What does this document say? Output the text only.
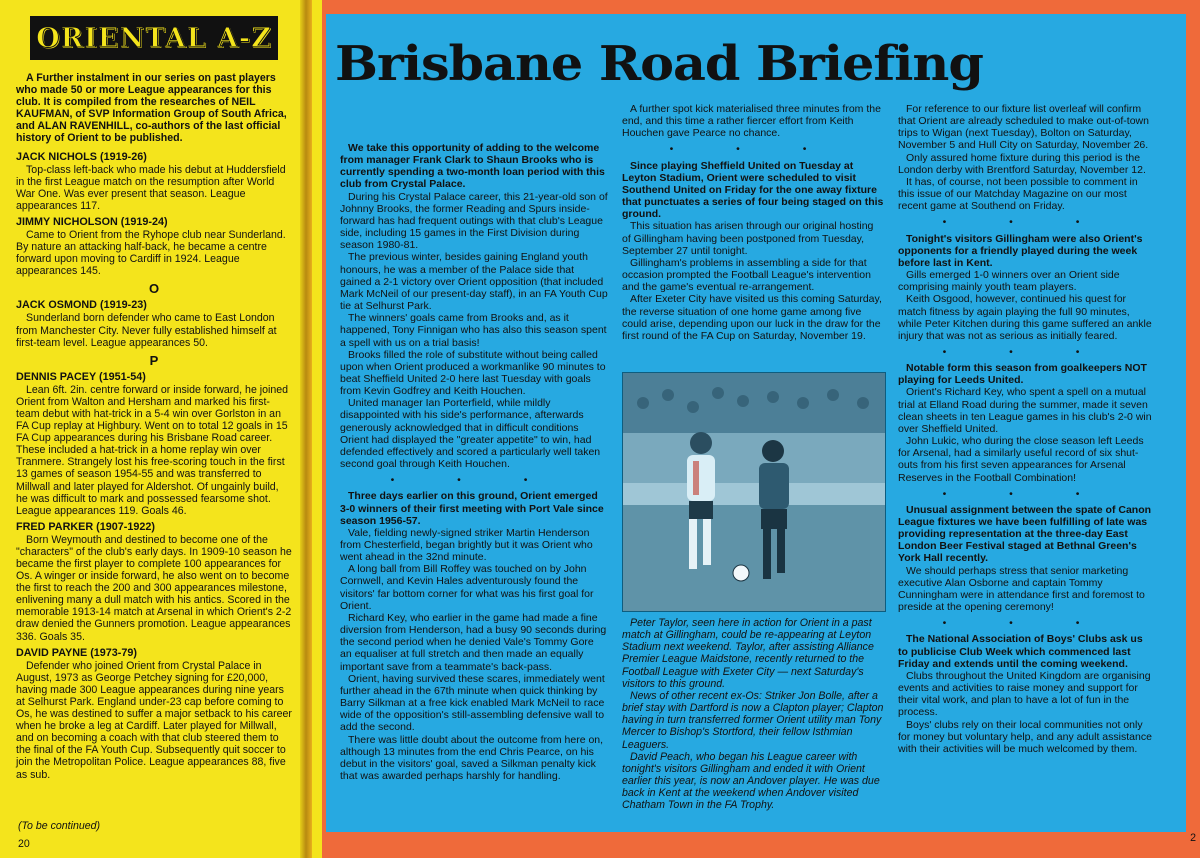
ORIENTAL A-Z

A Further instalment in our series on past players who made 50 or more League appearances for this club. It is compiled from the researches of NEIL KAUFMAN, of SVP Information Group of South Africa, and ALAN RAVENHILL, co-authors of the last official history of Orient to be published.

JACK NICHOLS (1919-26)

Top-class left-back who made his debut at Huddersfield in the first League match on the resumption after World War One. Was ever present that season. League appearances 117.

JIMMY NICHOLSON (1919-24)

Came to Orient from the Ryhope club near Sunderland. By nature an attacking half-back, he became a centre forward upon moving to Cardiff in 1924. League appearances 145.

O
JACK OSMOND (1919-23)

Sunderland born defender who came to East London from Manchester City. Never fully established himself at first-team level. League appearances 50.

P
DENNIS PACEY (1951-54)

Lean 6ft. 2in. centre forward or inside forward, he joined Orient from Walton and Hersham and marked his first-team debut with hat-trick in a 5-4 win over Gorlston in an FA Cup replay at Highbury. Went on to total 12 goals in 15 FA Cup appearances during his Brisbane Road career. These included a hat-trick in a home replay win over Tranmere. Strangely lost his free-scoring touch in the first 13 games of season 1954-55 and was transferred to Millwall and later played for Aldershot. Of ungainly build, he was difficult to mark and possessed fearsome shot. League appearances 119. Goals 46.

FRED PARKER (1907-1922)

Born Weymouth and destined to become one of the "characters" of the club's early days. In 1909-10 season he became the first player to complete 100 appearances for Os. A winger or inside forward, he also went on to become the first to reach the 200 and 300 appearances milestone, enlivening many a dull match with his antics. Scored in the memorable 1913-14 match at Arsenal in which Orient's 2-2 draw denied the Gunners promotion. League appearances 336. Goals 35.

DAVID PAYNE (1973-79)

Defender who joined Orient from Crystal Palace in August, 1973 as George Petchey signing for £20,000, having made 300 League appearances during nine years at Selhurst Park. England under-23 cap before coming to Os, he was destined to suffer a major setback to his career when he broke a leg at Cardiff. Later played for Millwall, and on becoming a coach with that club steered them to the final of the FA Youth Cup. Subsequently quit soccer to join the Metropolitan Police. League appearances 88, five as sub.

(To be continued)
20	2
Brisbane Road Briefing

We take this opportunity of adding to the welcome from manager Frank Clark to Shaun Brooks who is currently spending a two-month loan period with this club from Crystal Palace.

During his Crystal Palace career, this 21-year-old son of Johnny Brooks, the former Reading and Spurs inside-forward has had frequent outings with that club's League side, including 15 games in the First Division during season 1980-81.

The previous winter, besides gaining England youth honours, he was a member of the Palace side that gained a 2-1 victory over Orient opposition (that included Mark McNeil of our present-day staff), in an FA Youth Cup tie at Selhurst Park.

The winners' goals came from Brooks and, as it happened, Tony Finnigan who has also this season spent a spell with us on a trial basis!

Brooks filled the role of substitute without being called upon when Orient produced a workmanlike 90 minutes to beat Sheffield United 2-0 here last Tuesday with goals from Kevin Godfrey and Keith Houchen.

United manager Ian Porterfield, while mildly disappointed with his side's performance, afterwards generously acknowledged that in difficult conditions Orient had displayed the "greater appetite" to win, had defended effectively and scored a particularly well taken second goal through Keith Houchen.

• • •

Three days earlier on this ground, Orient emerged 3-0 winners of their first meeting with Port Vale since season 1956-57.

Vale, fielding newly-signed striker Martin Henderson from Chesterfield, began brightly but it was Orient who went ahead in the 32nd minute.

A long ball from Bill Roffey was touched on by John Cornwell, and Kevin Hales adventurously found the visitors' far bottom corner for what was his first goal for Orient.

Richard Key, who earlier in the game had made a fine diversion from Henderson, had a busy 90 seconds during the second period when he denied Vale's Tommy Gore an equaliser at full stretch and then made an equally important save from a teammate's back-pass.

Orient, having survived these scares, immediately went further ahead in the 67th minute when quick thinking by Barry Silkman at a free kick enabled Mark McNeil to race wide of the opposition's still-assembling defensive wall to add the second.

There was little doubt about the outcome from here on, although 13 minutes from the end Chris Pearce, on his debut in the visitors' goal, saved a Silkman penalty kick that was awarded perhaps harshly for handling.

A further spot kick materialised three minutes from the end, and this time a rather fiercer effort from Keith Houchen gave Pearce no chance.

• • •

Since playing Sheffield United on Tuesday at Leyton Stadium, Orient were scheduled to visit Southend United on Friday for the one away fixture that punctuates a series of four being staged on this ground.

This situation has arisen through our original hosting of Gillingham having been postponed from Tuesday, September 27 until tonight.

Gillingham's problems in assembling a side for that occasion prompted the Football League's intervention and the game's eventual re-arrangement.

After Exeter City have visited us this coming Saturday, the reverse situation of one home game among five could arise, depending upon our luck in the draw for the first round of the FA Cup on Saturday, November 19.

For reference to our fixture list overleaf will confirm that Orient are already scheduled to make out-of-town trips to Wigan (next Tuesday), Bolton on Saturday, November 5 and Hull City on Saturday, November 26.

Only assured home fixture during this period is the London derby with Brentford Saturday, November 12.

It has, of course, not been possible to comment in this issue of our Matchday Magazine on our most recent game at Southend on Friday.

• • •

Tonight's visitors Gillingham were also Orient's opponents for a friendly played during the week before last in Kent.

Gills emerged 1-0 winners over an Orient side comprising mainly youth team players.

Keith Osgood, however, continued his quest for match fitness by again playing the full 90 minutes, while Peter Kitchen during this game suffered an ankle injury that was not as serious as initially feared.

• • •

Notable form this season from goalkeepers NOT playing for Leeds United.

Orient's Richard Key, who spent a spell on a mutual trial at Elland Road during the summer, made it seven clean sheets in ten League games in his club's 2-0 win over Sheffield United.

John Lukic, who during the close season left Leeds for Arsenal, had a similarly useful record of six shut-outs from his first seven appearances for Arsenal Reserves in the Football Combination!

• • •

Unusual assignment between the spate of Canon League fixtures we have been fulfilling of late was providing representation at the three-day East London Beer Festival staged at Bethnal Green's York Hall recently.

We should perhaps stress that senior marketing executive Alan Osborne and captain Tommy Cunningham were in attendance first and foremost to preside at the opening ceremony!

• • •

The National Association of Boys' Clubs ask us to publicise Club Week which commenced last Friday and extends until the coming weekend.

Clubs throughout the United Kingdom are organising events and activities to raise money and support for their vital work, and plan to have a lot of fun in the process.

Boys' clubs rely on their local communities not only for money but voluntary help, and any adult assistance with their activities will be much welcomed by them.

Peter Taylor, seen here in action for Orient in a past match at Gillingham, could be re-appearing at Leyton Stadium next weekend. Taylor, after assisting Alliance Premier League Maidstone, recently returned to the Football League with Exeter City — next Saturday's visitors to this ground.

News of other recent ex-Os: Striker Jon Bolle, after a brief stay with Dartford is now a Clapton player; Clapton having in turn transferred former Orient utility man Tony Mercer to Bishop's Stortford, their fellow Isthmian Leaguers.

David Peach, who began his League career with tonight's visitors Gillingham and ended it with Orient earlier this year, is now an Andover player. He was due back in Kent at the weekend when Andover visited Chatham Town in the FA Trophy.
